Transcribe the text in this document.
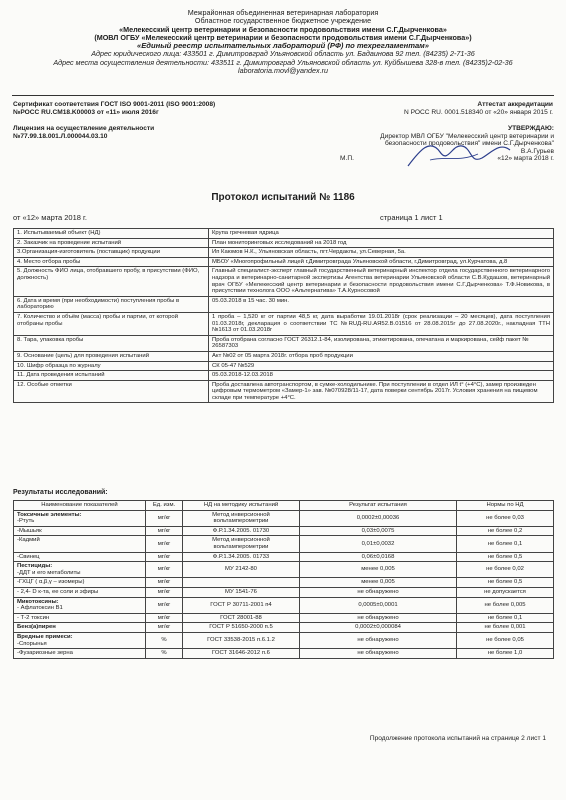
Межрайонная объединенная ветеринарная лаборатория
Областное государственное бюджетное учреждение
«Мелекесский центр ветеринарии и безопасности продовольствия имени С.Г.Дырченкова»
(МОВЛ ОГБУ «Мелекесский центр ветеринарии и безопасности продовольствия имени С.Г.Дырченкова»)
«Единый реестр испытательных лабораторий (РФ) по техрегламентам»
Адрес юридического лица: 433501 г. Димитровград Ульяновской область ул. Бадаинова 92 тел. (84235) 2-71-36
Адрес места осуществления деятельности: 433511 г. Димитровград Ульяновской область ул. Куйбышева 328-в тел. (84235)2-02-36
laboratoria.movl@yandex.ru
Сертификат соответствия ГОСТ ISO 9001-2011 (ISO 9001:2008)
№РОСС RU.CM18.K00003 от «11» июля 2016г
Лицензия на осуществление деятельности
№77.99.18.001.Л.000044.03.10
Аттестат аккредитации
N РОСС RU. 0001.518340 от «20» января 2015 г.
УТВЕРЖДАЮ:
Директор МВЛ ОГБУ "Мелекесский центр ветеринарии и
безопасности продовольствия" имени С.Г.Дырченкова"
В.А.Гурьев
М.П.	«12» марта 2018 г.
Протокол испытаний № 1186
от «12» марта 2018 г.	страница 1 лист 1
1. Испытываемый объект (НД)	Крупа гречневая ядрица
2. Заказчик на проведение испытаний	План мониторинговых исследований на 2018 год
3.Организация-изготовитель (поставщик) продукции	Ип Каюмов Н.К., Ульяновская область, пгт.Чердаклы, ул.Северная, 5а.
4. Место отбора пробы	МБОУ «Многопрофильный лицей г.Димитровграда Ульяновской области, г.Димитровград, ул.Курчатова, д.8
5. Должность ФИО лица, отобравшего пробу, в присутствии (ФИО, должность)	Главный специалист-эксперт главный государственный ветеринарный инспектор отдела государственного ветеринарного надзора и ветеринарно-санитарной экспертизы Агентства ветеринарии Ульяновской области С.В.Кудашов, ветеринарный врач ОГБУ «Мелекесский центр ветеринарии и безопасности продовольствия имени С.Г.Дырченкова» Т.Ф.Новикова, в присутствии технолога ООО «Альтернатива» Т.А.Курносовой
6. Дата и время (при необходимости) поступления пробы в лабораторию	05.03.2018 в 15 час. 30 мин.
7. Количество и объём (масса) пробы и партии, от которой отобраны пробы	1 проба – 1,520 кг от партии 48,5 кг, дата выработки 19.01.2018г (срок реализации – 20 месяцев), дата поступления 01.03.2018г, декларация о соответствии ТС №RUД-RU.АЯ52.В.01516 от 28.08.2015г до 27.08.2020г., накладная ТТН №1613 от 01.03.2018г
8. Тара, упаковка пробы	Проба отобрана согласно ГОСТ 26312.1-84, изолирована, этикетирована, опечатана и маркирована, сейф пакет № 26587303
9. Основание (цель) для проведения испытаний	Акт №02 от 05 марта 2018г. отбора проб продукции
10. Шифр образца по журналу	СК 05-47 №529
11. Дата проведения испытаний	05.03.2018-12.03.2018
12. Особые отметки	Проба доставлена автотранспортом, в сумке-холодильнике. При поступлении в отдел ИЛ t° (+4°С), замер произведен цифровым термометром «Замер-1» зав. №070928/11-17, дата поверки сентябрь 2017г. Условия хранения на пищевом складе при температуре +4°С.
Результаты исследований:
Наименование показателей	Ед. изм.	НД на методику испытаний	Результат испытания	Нормы по НД

Токсичные элементы:
-Ртуть	мг/кг	Метод инверсионной вольтамперометрии	0,0002±0,00036	не более 0,03

-Мышьяк	мг/кг	Ф.Р.1.34.2005. 01730	0,03±0,0075	не более 0,2

-Кадмий	мг/кг	Метод инверсионной вольтамперометрии	0,01±0,0032	не более 0,1

-Свинец	мг/кг	Ф.Р.1.34.2005. 01733	0,06±0,0168	не более 0,5

Пестициды:
-ДДТ и его метаболиты	мг/кг	МУ 2142-80	менее 0,005	не более 0,02

-ГХЦГ ( α,β,γ – изомеры)	мг/кг		менее 0,005	не более 0,5

- 2,4- D к-та, ее соли и эфиры	мг/кг	МУ 1541-76	не обнаружено	не допускается

Микотоксины:
- Афлатоксин В1	мг/кг	ГОСТ Р 30711-2001 п4	0,0005±0,0001	не более 0,005

- Т-2 токсин	мг/кг	ГОСТ 28001-88	не обнаружено	не более 0,1

Бенз(а)пирен	мг/кг	ГОСТ Р 51650-2000 п.5	0,0002±0,000084	не более 0,001

Вредные примеси:
-Спорынья	%	ГОСТ 33538-2015 п.6.1.2	не обнаружено	не более 0,05

-Фузариозные зерна	%	ГОСТ 31646-2012 п.6	не обнаружено	не более 1,0
Продолжение протокола испытаний на странице 2 лист 1
